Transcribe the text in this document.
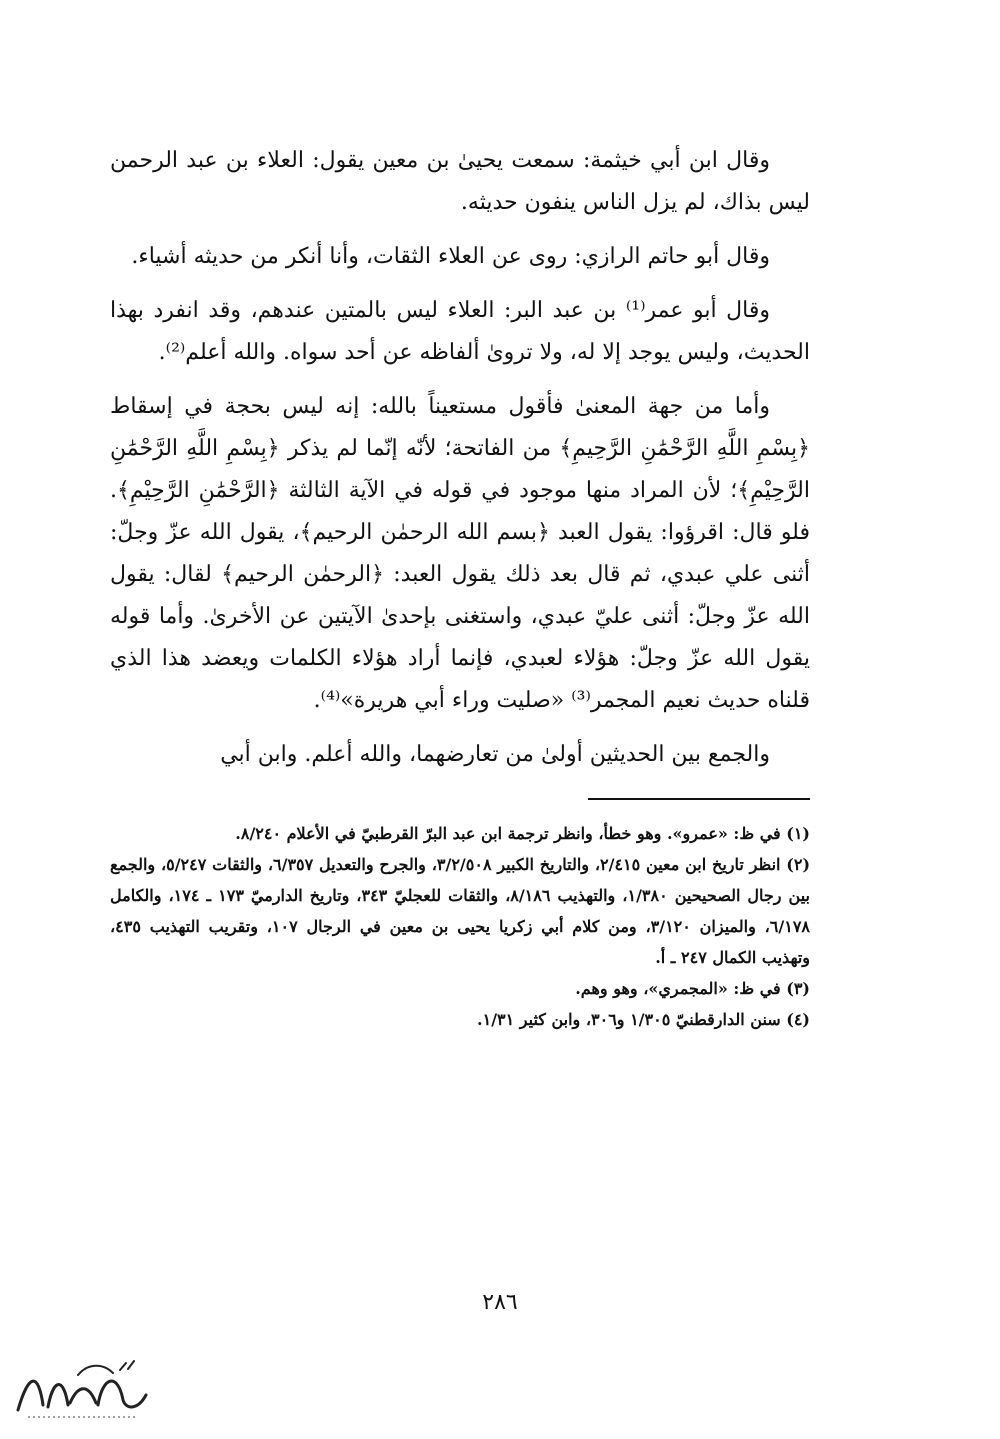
وقال ابن أبي خيثمة: سمعت يحيىٰ بن معين يقول: العلاء بن عبد الرحمن ليس بذاك، لم يزل الناس ينفون حديثه.

وقال أبو حاتم الرازي: روى عن العلاء الثقات، وأنا أنكر من حديثه أشياء.

وقال أبو عمر⁽¹⁾ بن عبد البر: العلاء ليس بالمتين عندهم، وقد انفرد بهذا الحديث، وليس يوجد إلا له، ولا تروىٰ ألفاظه عن أحد سواه. والله أعلم⁽²⁾.

وأما من جهة المعنىٰ فأقول مستعيناً بالله: إنه ليس بحجة في إسقاط ﴿بِسْمِ اللَّهِ الرَّحْمَٰنِ الرَّحِيمِ﴾ من الفاتحة؛ لأنّه إنّما لم يذكر ﴿بِسْمِ اللَّهِ الرَّحْمَٰنِ الرَّحِيْمِ﴾؛ لأن المراد منها موجود في قوله في الآية الثالثة ﴿الرَّحْمَٰنِ الرَّحِيْمِ﴾. فلو قال: اقرؤوا: يقول العبد ﴿بسم الله الرحمٰن الرحيم﴾، يقول الله عزّ وجلّ: أثنى علي عبدي، ثم قال بعد ذلك يقول العبد: ﴿الرحمٰن الرحيم﴾ لقال: يقول الله عزّ وجلّ: أثنى عليّ عبدي، واستغنى بإحدىٰ الآيتين عن الأخرىٰ. وأما قوله يقول الله عزّ وجلّ: هؤلاء لعبدي، فإنما أراد هؤلاء الكلمات ويعضد هذا الذي قلناه حديث نعيم المجمر⁽³⁾ «صليت وراء أبي هريرة»⁽⁴⁾.

والجمع بين الحديثين أولىٰ من تعارضهما، والله أعلم. وابن أبي

(١) في ظ: «عمرو». وهو خطأ، وانظر ترجمة ابن عبد البرّ القرطبيّ في الأعلام ٨/٢٤٠.

(٢) انظر تاريخ ابن معين ٢/٤١٥، والتاريخ الكبير ٣/٢/٥٠٨، والجرح والتعديل ٦/٣٥٧، والثقات ٥/٢٤٧، والجمع بين رجال الصحيحين ١/٣٨٠، والتهذيب ٨/١٨٦، والثقات للعجليّ ٣٤٣، وتاريخ الدارميّ ١٧٣ ـ ١٧٤، والكامل ٦/١٧٨، والميزان ٣/١٢٠، ومن كلام أبي زكريا يحيى بن معين في الرجال ١٠٧، وتقريب التهذيب ٤٣٥، وتهذيب الكمال ٢٤٧ ـ أ.

(٣) في ظ: «المجمري»، وهو وهم.

(٤) سنن الدارقطنيّ ١/٣٠٥ و٣٠٦، وابن كثير ١/٣١.

٢٨٦
